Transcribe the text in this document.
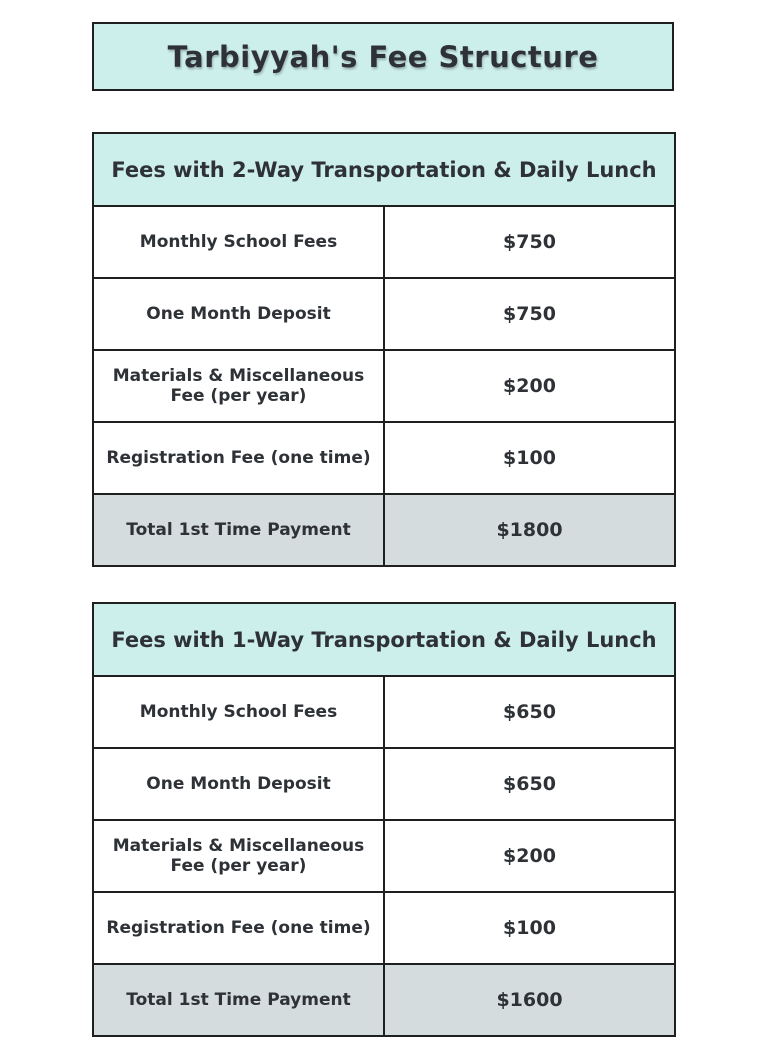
Tarbiyyah's Fee Structure
Fees with 2-Way Transportation & Daily Lunch	
Monthly School Fees	$750
One Month Deposit	$750
Materials & Miscellaneous Fee (per year)	$200
Registration Fee (one time)	$100
Total 1st Time Payment	$1800
Fees with 1-Way Transportation & Daily Lunch	
Monthly School Fees	$650
One Month Deposit	$650
Materials & Miscellaneous Fee (per year)	$200
Registration Fee (one time)	$100
Total 1st Time Payment	$1600
